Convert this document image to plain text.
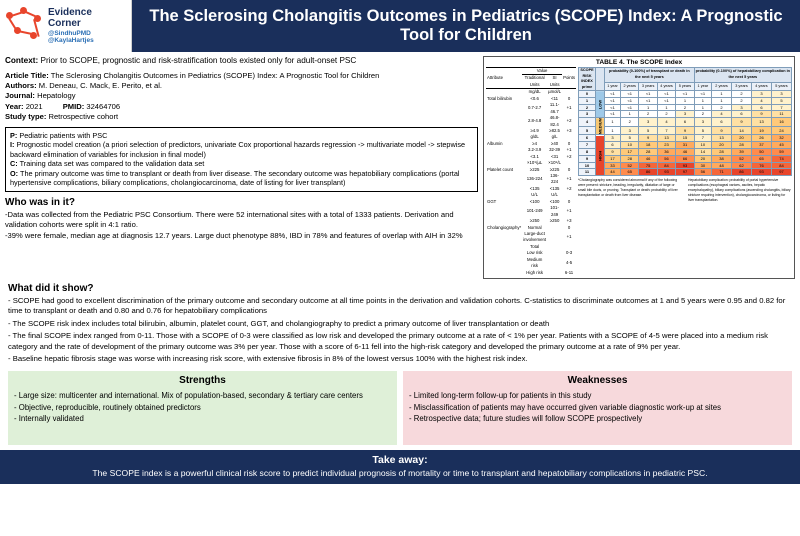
Evidence
Corner
@SindhuPMD
@KaylaHartjes
The Sclerosing Cholangitis Outcomes in Pediatrics (SCOPE) Index: A Prognostic Tool for Children
Context: Prior to SCOPE, prognostic and risk-stratification tools existed only for adult-onset PSC
Article Title: The Sclerosing Cholangitis Outcomes in Pediatrics (SCOPE) Index: A Prognostic Tool for Children
Authors: M. Deneau, C. Mack, E. Perito, et al.
Journal: Hepatology
Year: 2021	PMID: 32464706
Study type: Retrospective cohort
P: Pediatric patients with PSC
I: Prognostic model creation (a priori selection of predictors, univariate Cox proportional hazards regression -> multivariate model -> stepwise backward elimination of variables for inclusion in final model)
C: Training data set was compared to the validation data set
O: The primary outcome was time to transplant or death from liver disease. The secondary outcome was hepatobiliary complications (portal hypertensive complications, biliary complications, cholangiocarcinoma, date of listing for liver transplant)
Who was in it?
-Data was collected from the Pediatric PSC Consortium. There were 52 international sites with a total of 1333 patients. Derivation and validation cohorts were split in 4:1 ratio.
-39% were female, median age at diagnosis 12.7 years. Large duct phenotype 88%, IBD in 78% and features of overlap with AIH in 32%
TABLE 4. The SCOPE Index
Attribute	Value		Points
	Traditional Units	SI Units	
	mg/dL	µmol/L	
Total bilirubin	<0.6	<11	0
	0.7-2.7	11.1-46.7	+1
	2.8-4.8	46.8-82.4	+2
	≥4.9	≥82.5	+3
	g/dL	g/L	
Albumin	≥4	≥40	0
	3.2-3.9	32-39	+1
	<3.1	<31	+2
	×10⁹/µL	×10⁹/L	
Platelet count	≥225	≥225	0
	136-224	136-224	+1
	<135	<135	+2
	U/L	U/L	
GGT	<100	<100	0
	101-249	101-249	+1
	≥250	≥250	+3
Cholangiography*	Normal		0
	Large-duct involvement		+1
	Total		
	Low risk		0-3
	Medium risk		4-5
	High risk		6-11
SCOPE RISK INDEX prime		probability (0-100%) of transplant or death in the next 5 years					probability (0-100%) of hepatobiliary complication in the next 5 years				
		1 year	2 years	3 years	4 years	5 years	1 year	2 years	3 years	4 years	5 years
0	LOW	<1	<1	<1	<1	<1	<1	1	2	3	3
1		<1	<1	<1	<1	1	1	1	2	4	5
2		<1	<1	1	1	2	1	2	3	6	7
3		<1	1	2	2	3	2	4	6	9	11
4	MEDIUM	1	2	3	4	6	3	6	9	13	16
5		1	3	5	7	9	5	9	14	19	24
6	HIGH	3	5	9	13	15	7	13	20	26	32
7		6	10	18	23	31	10	20	28	37	45
8		9	17	28	36	46	14	28	39	50	59
9		17	28	46	56	66	20	38	52	65	74
10		33	52	75	84	93	30	48	62	76	84
11		44	65	86	93	97	56	71	86	93	97
*Cholangiography was considered abnormal if any of the following were present: stricture, beading, irregularity, dilatation of large or small bile ducts, or pruning. Transplant or death: probability of liver transplantation or death from liver disease.
Hepatobiliary complication: probability of portal hypertensive complications (esophageal varices, ascites, hepatic encephalopathy), biliary complications (ascending cholangitis, biliary stricture requiring intervention), cholangiocarcinoma, or listing for liver transplantation.
What did it show?
- SCOPE had good to excellent discrimination of the primary outcome and secondary outcome at all time points in the derivation and validation cohorts. C-statistics to discriminate outcomes at 1 and 5 years were 0.95 and 0.82 for time to transplant or death and 0.80 and 0.76 for hepatobiliary complications
- The SCOPE risk index includes total bilirubin, albumin, platelet count, GGT, and cholangiography to predict a primary outcome of liver transplantation or death
- The final SCOPE index ranged from 0-11. Those with a SCOPE of 0-3 were classified as low risk and developed the primary outcome at a rate of < 1% per year. Patients with a SCOPE of 4-5 were placed into a medium risk category and the rate of development of the primary outcome was 3% per year. Those with a score of 6-11 fell into the high-risk category and developed the primary outcome at a rate of 9% per year.
- Baseline hepatic fibrosis stage was worse with increasing risk score, with extensive fibrosis in 8% of the lowest versus 100% with the highest risk index.
Strengths
- Large size: multicenter and international. Mix of population-based, secondary & tertiary care centers
- Objective, reproducible, routinely obtained predictors
- Internally validated
Weaknesses
- Limited long-term follow-up for patients in this study
- Misclassification of patients may have occurred given variable diagnostic work-up at sites
- Retrospective data; future studies will follow SCOPE prospectively
Take away:
The SCOPE index is a powerful clinical risk score to predict individual prognosis of mortality or time to transplant and hepatobiliary complications in pediatric PSC.
